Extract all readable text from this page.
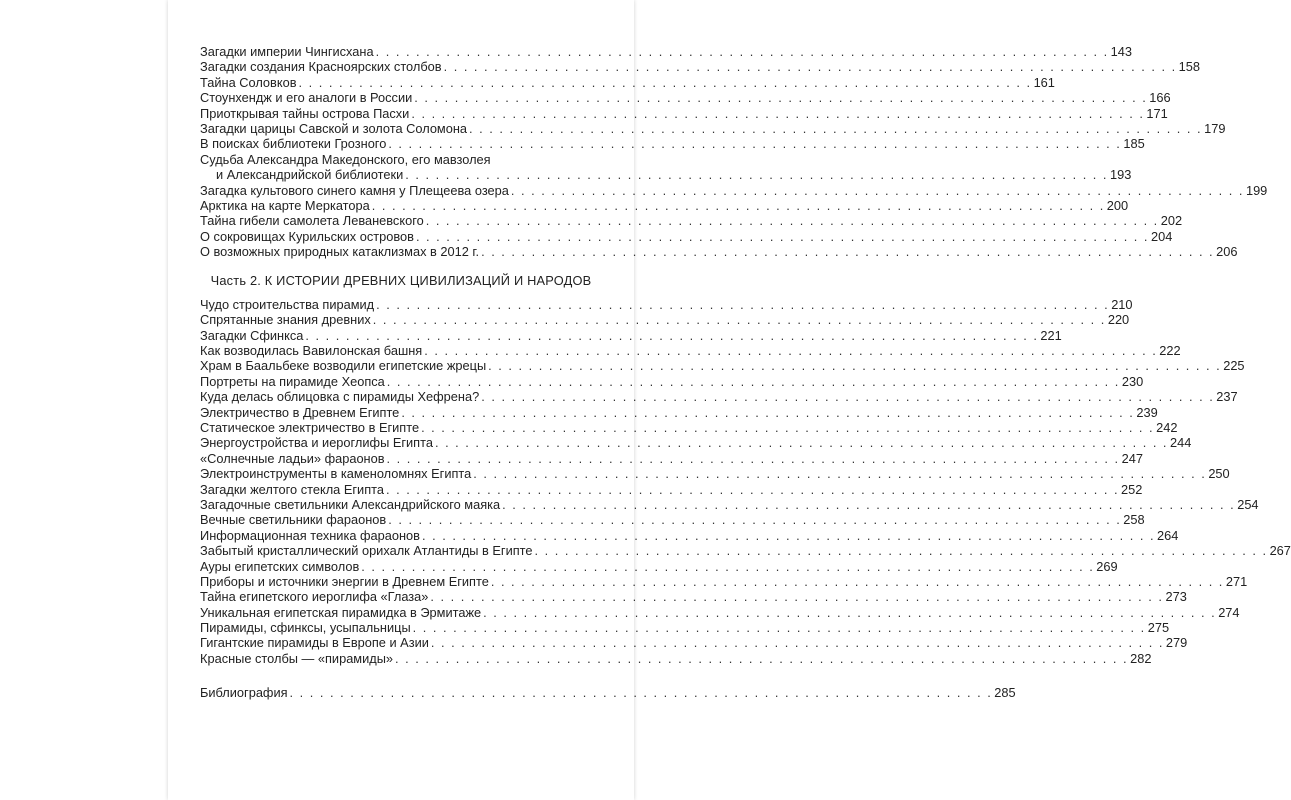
Загадки империи Чингисхана . . . . . . . . . . . . . . . . . . . . . . . . . . . . . . . . . . . . . . . . . . . . . . . . . . . . . . . . . . . . . . . . . . . . . . . . . 143
Загадки создания Красноярских столбов . . . . . . . . . . . . . . . . . . . . . . . . . . . . . . . . . . . . . . . . . . . . . . . . . . . . . . . . . . . . . . . . . . . . . . . . . 158
Тайна Соловков . . . . . . . . . . . . . . . . . . . . . . . . . . . . . . . . . . . . . . . . . . . . . . . . . . . . . . . . . . . . . . . . . . . . . . . . . 161
Стоунхендж и его аналоги в России . . . . . . . . . . . . . . . . . . . . . . . . . . . . . . . . . . . . . . . . . . . . . . . . . . . . . . . . . . . . . . . . . . . . . . . . . 166
Приоткрывая тайны острова Пасхи . . . . . . . . . . . . . . . . . . . . . . . . . . . . . . . . . . . . . . . . . . . . . . . . . . . . . . . . . . . . . . . . . . . . . . . . . 171
Загадки царицы Савской и золота Соломона . . . . . . . . . . . . . . . . . . . . . . . . . . . . . . . . . . . . . . . . . . . . . . . . . . . . . . . . . . . . . . . . . . . . . . . . . 179
В поисках библиотеки Грозного . . . . . . . . . . . . . . . . . . . . . . . . . . . . . . . . . . . . . . . . . . . . . . . . . . . . . . . . . . . . . . . . . . . . . . . . . 185
Судьба Александра Македонского, его мавзолея
и Александрийской библиотеки . . . . . . . . . . . . . . . . . . . . . . . . . . . . . . . . . . . . . . . . . . . . . . . . . . . . . . . . . . . . . . . . . . . . . . 193
Загадка культового синего камня у Плещеева озера . . . . . . . . . . . . . . . . . . . . . . . . . . . . . . . . . . . . . . . . . . . . . . . . . . . . . . . . . . . . . . . . . . . . . . . . . 199
Арктика на карте Меркатора . . . . . . . . . . . . . . . . . . . . . . . . . . . . . . . . . . . . . . . . . . . . . . . . . . . . . . . . . . . . . . . . . . . . . . . . . 200
Тайна гибели самолета Леваневского . . . . . . . . . . . . . . . . . . . . . . . . . . . . . . . . . . . . . . . . . . . . . . . . . . . . . . . . . . . . . . . . . . . . . . . . . 202
О сокровищах Курильских островов . . . . . . . . . . . . . . . . . . . . . . . . . . . . . . . . . . . . . . . . . . . . . . . . . . . . . . . . . . . . . . . . . . . . . . . . . 204
О возможных природных катаклизмах в 2012 г. . . . . . . . . . . . . . . . . . . . . . . . . . . . . . . . . . . . . . . . . . . . . . . . . . . . . . . . . . . . . . . . . . . . . . . . . . 206
Часть 2. К ИСТОРИИ ДРЕВНИХ ЦИВИЛИЗАЦИЙ И НАРОДОВ
Чудо строительства пирамид . . . . . . . . . . . . . . . . . . . . . . . . . . . . . . . . . . . . . . . . . . . . . . . . . . . . . . . . . . . . . . . . . . . . . . . . . 210
Спрятанные знания древних . . . . . . . . . . . . . . . . . . . . . . . . . . . . . . . . . . . . . . . . . . . . . . . . . . . . . . . . . . . . . . . . . . . . . . . . . 220
Загадки Сфинкса . . . . . . . . . . . . . . . . . . . . . . . . . . . . . . . . . . . . . . . . . . . . . . . . . . . . . . . . . . . . . . . . . . . . . . . . . 221
Как возводилась Вавилонская башня . . . . . . . . . . . . . . . . . . . . . . . . . . . . . . . . . . . . . . . . . . . . . . . . . . . . . . . . . . . . . . . . . . . . . . . . . 222
Храм в Баальбеке возводили египетские жрецы . . . . . . . . . . . . . . . . . . . . . . . . . . . . . . . . . . . . . . . . . . . . . . . . . . . . . . . . . . . . . . . . . . . . . . . . . 225
Портреты на пирамиде Хеопса . . . . . . . . . . . . . . . . . . . . . . . . . . . . . . . . . . . . . . . . . . . . . . . . . . . . . . . . . . . . . . . . . . . . . . . . . 230
Куда делась облицовка с пирамиды Хефрена? . . . . . . . . . . . . . . . . . . . . . . . . . . . . . . . . . . . . . . . . . . . . . . . . . . . . . . . . . . . . . . . . . . . . . . . . . 237
Электричество в Древнем Египте . . . . . . . . . . . . . . . . . . . . . . . . . . . . . . . . . . . . . . . . . . . . . . . . . . . . . . . . . . . . . . . . . . . . . . . . . 239
Статическое электричество в Египте . . . . . . . . . . . . . . . . . . . . . . . . . . . . . . . . . . . . . . . . . . . . . . . . . . . . . . . . . . . . . . . . . . . . . . . . . 242
Энергоустройства и иероглифы Египта . . . . . . . . . . . . . . . . . . . . . . . . . . . . . . . . . . . . . . . . . . . . . . . . . . . . . . . . . . . . . . . . . . . . . . . . . 244
«Солнечные ладьи» фараонов . . . . . . . . . . . . . . . . . . . . . . . . . . . . . . . . . . . . . . . . . . . . . . . . . . . . . . . . . . . . . . . . . . . . . . . . . 247
Электроинструменты в каменоломнях Египта . . . . . . . . . . . . . . . . . . . . . . . . . . . . . . . . . . . . . . . . . . . . . . . . . . . . . . . . . . . . . . . . . . . . . . . . . 250
Загадки желтого стекла Египта . . . . . . . . . . . . . . . . . . . . . . . . . . . . . . . . . . . . . . . . . . . . . . . . . . . . . . . . . . . . . . . . . . . . . . . . . 252
Загадочные светильники Александрийского маяка . . . . . . . . . . . . . . . . . . . . . . . . . . . . . . . . . . . . . . . . . . . . . . . . . . . . . . . . . . . . . . . . . . . . . . . . . 254
Вечные светильники фараонов . . . . . . . . . . . . . . . . . . . . . . . . . . . . . . . . . . . . . . . . . . . . . . . . . . . . . . . . . . . . . . . . . . . . . . . . . 258
Информационная техника фараонов . . . . . . . . . . . . . . . . . . . . . . . . . . . . . . . . . . . . . . . . . . . . . . . . . . . . . . . . . . . . . . . . . . . . . . . . . 264
Забытый кристаллический орихалк Атлантиды в Египте . . . . . . . . . . . . . . . . . . . . . . . . . . . . . . . . . . . . . . . . . . . . . . . . . . . . . . . . . . . . . . . . . . . . . . . . . 267
Ауры египетских символов . . . . . . . . . . . . . . . . . . . . . . . . . . . . . . . . . . . . . . . . . . . . . . . . . . . . . . . . . . . . . . . . . . . . . . . . . 269
Приборы и источники энергии в Древнем Египте . . . . . . . . . . . . . . . . . . . . . . . . . . . . . . . . . . . . . . . . . . . . . . . . . . . . . . . . . . . . . . . . . . . . . . . . . 271
Тайна египетского иероглифа «Глаза» . . . . . . . . . . . . . . . . . . . . . . . . . . . . . . . . . . . . . . . . . . . . . . . . . . . . . . . . . . . . . . . . . . . . . . . . . 273
Уникальная египетская пирамидка в Эрмитаже . . . . . . . . . . . . . . . . . . . . . . . . . . . . . . . . . . . . . . . . . . . . . . . . . . . . . . . . . . . . . . . . . . . . . . . . . 274
Пирамиды, сфинксы, усыпальницы . . . . . . . . . . . . . . . . . . . . . . . . . . . . . . . . . . . . . . . . . . . . . . . . . . . . . . . . . . . . . . . . . . . . . . . . . 275
Гигантские пирамиды в Европе и Азии . . . . . . . . . . . . . . . . . . . . . . . . . . . . . . . . . . . . . . . . . . . . . . . . . . . . . . . . . . . . . . . . . . . . . . . . . 279
Красные столбы — «пирамиды» . . . . . . . . . . . . . . . . . . . . . . . . . . . . . . . . . . . . . . . . . . . . . . . . . . . . . . . . . . . . . . . . . . . . . . . . . 282
Библиография . . . . . . . . . . . . . . . . . . . . . . . . . . . . . . . . . . . . . . . . . . . . . . . . . . . . . . . . . . . . . . . . . . . . . . 285
